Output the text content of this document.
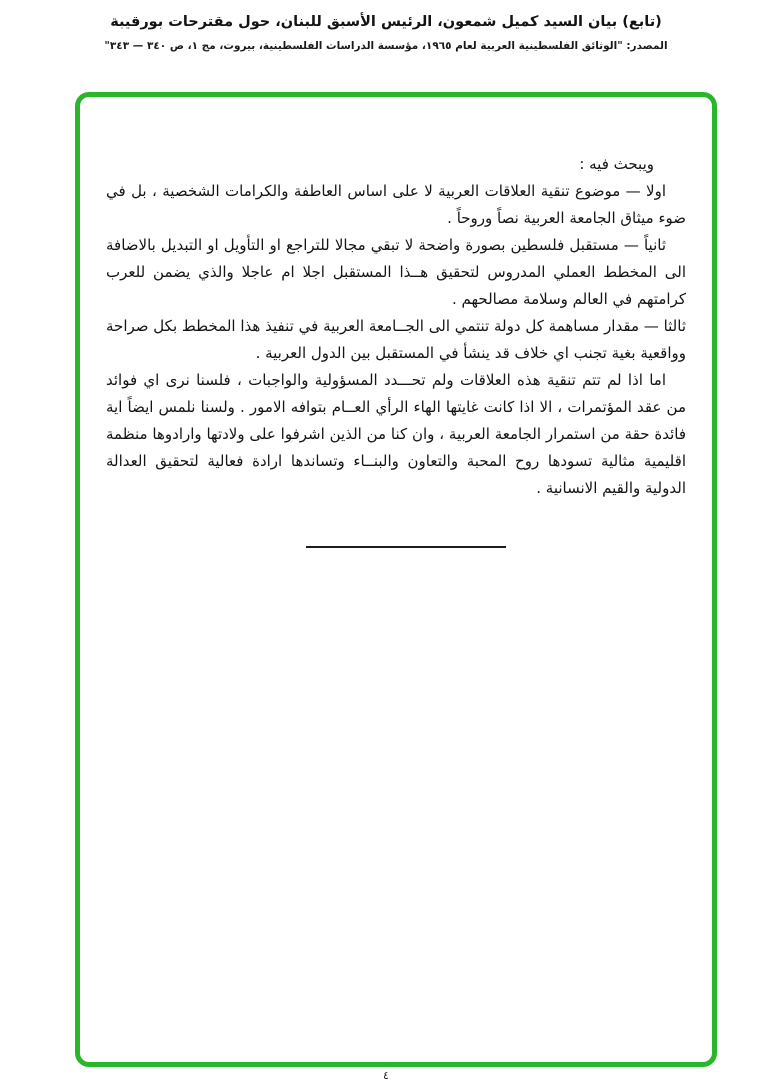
(تابع) بيان السيد كميل شمعون، الرئيس الأسبق للبنان، حول مقترحات بورقيبة
المصدر: "الوثائق الفلسطينية العربية لعام ١٩٦٥، مؤسسة الدراسات الفلسطينية، بيروت، مج ١، ص ٣٤٠ — ٣٤٣"

ويبحث فيه :

اولا — موضوع تنقية العلاقات العربية لا على اساس العاطفة والكرامات الشخصية ، بل في ضوء ميثاق الجامعة العربية نصاً وروحاً .

ثانياً — مستقبل فلسطين بصورة واضحة لا تبقي مجالا للتراجع او التأويل او التبديل بالاضافة الى المخطط العملي المدروس لتحقيق هــذا المستقبل اجلا ام عاجلا والذي يضمن للعرب كرامتهم في العالم وسلامة مصالحهم .

ثالثا — مقدار مساهمة كل دولة تنتمي الى الجــامعة العربية في تنفيذ هذا المخطط بكل صراحة وواقعية بغية تجنب اي خلاف قد ينشأ في المستقبل بين الدول العربية .

اما اذا لم تتم تنقية هذه العلاقات ولم تحـــدد المسؤولية والواجبات ، فلسنا نرى اي فوائد من عقد المؤتمرات ، الا اذا كانت غايتها الهاء الرأي العــام بتوافه الامور . ولسنا نلمس ايضاً اية فائدة حقة من استمرار الجامعة العربية ، وان كنا من الذين اشرفوا على ولادتها وارادوها منظمة اقليمية مثالية تسودها روح المحبة والتعاون والبنــاء وتساندها ارادة فعالية لتحقيق العدالة الدولية والقيم الانسانية .

٤
